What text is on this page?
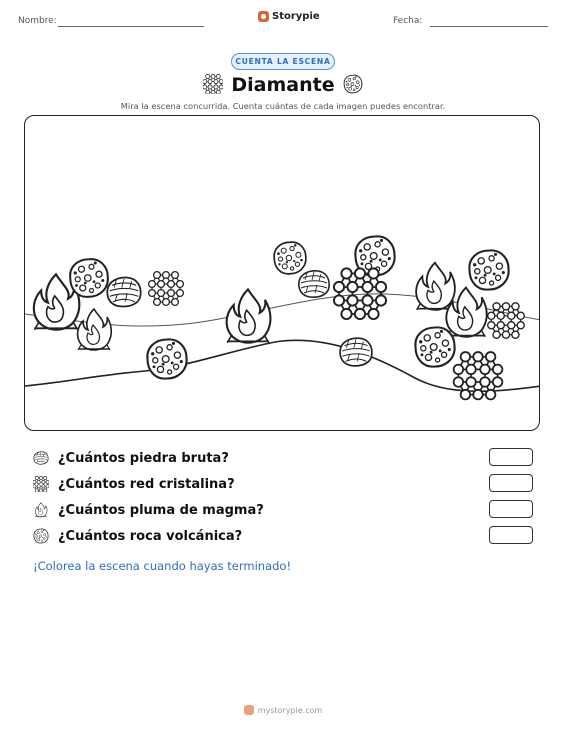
Nombre:	Storypie	Fecha:
CUENTA LA ESCENA
Diamante
Mira la escena concurrida. Cuenta cuántas de cada imagen puedes encontrar.
¿Cuántos piedra bruta?
¿Cuántos red cristalina?
¿Cuántos pluma de magma?
¿Cuántos roca volcánica?
¡Colorea la escena cuando hayas terminado!
mystorypie.com
